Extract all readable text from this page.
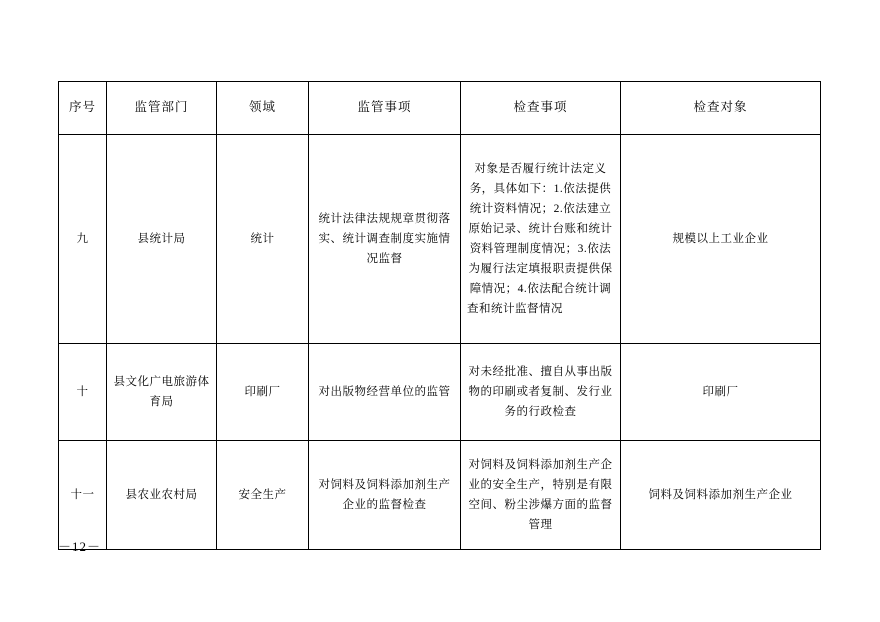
序号	监管部门	领域	监管事项	检查事项	检查对象
九	县统计局	统计	统计法律法规规章贯彻落实、统计调查制度实施情况监督	对象是否履行统计法定义务，具体如下：1.依法提供统计资料情况；2.依法建立原始记录、统计台账和统计资料管理制度情况；3.依法为履行法定填报职责提供保障情况；4.依法配合统计调查和统计监督情况	规模以上工业企业
十	县文化广电旅游体育局	印刷厂	对出版物经营单位的监管	对未经批准、擅自从事出版物的印刷或者复制、发行业务的行政检查	印刷厂
十一	县农业农村局	安全生产	对饲料及饲料添加剂生产企业的监督检查	对饲料及饲料添加剂生产企业的安全生产，特别是有限空间、粉尘涉爆方面的监督管理	饲料及饲料添加剂生产企业
－12－
